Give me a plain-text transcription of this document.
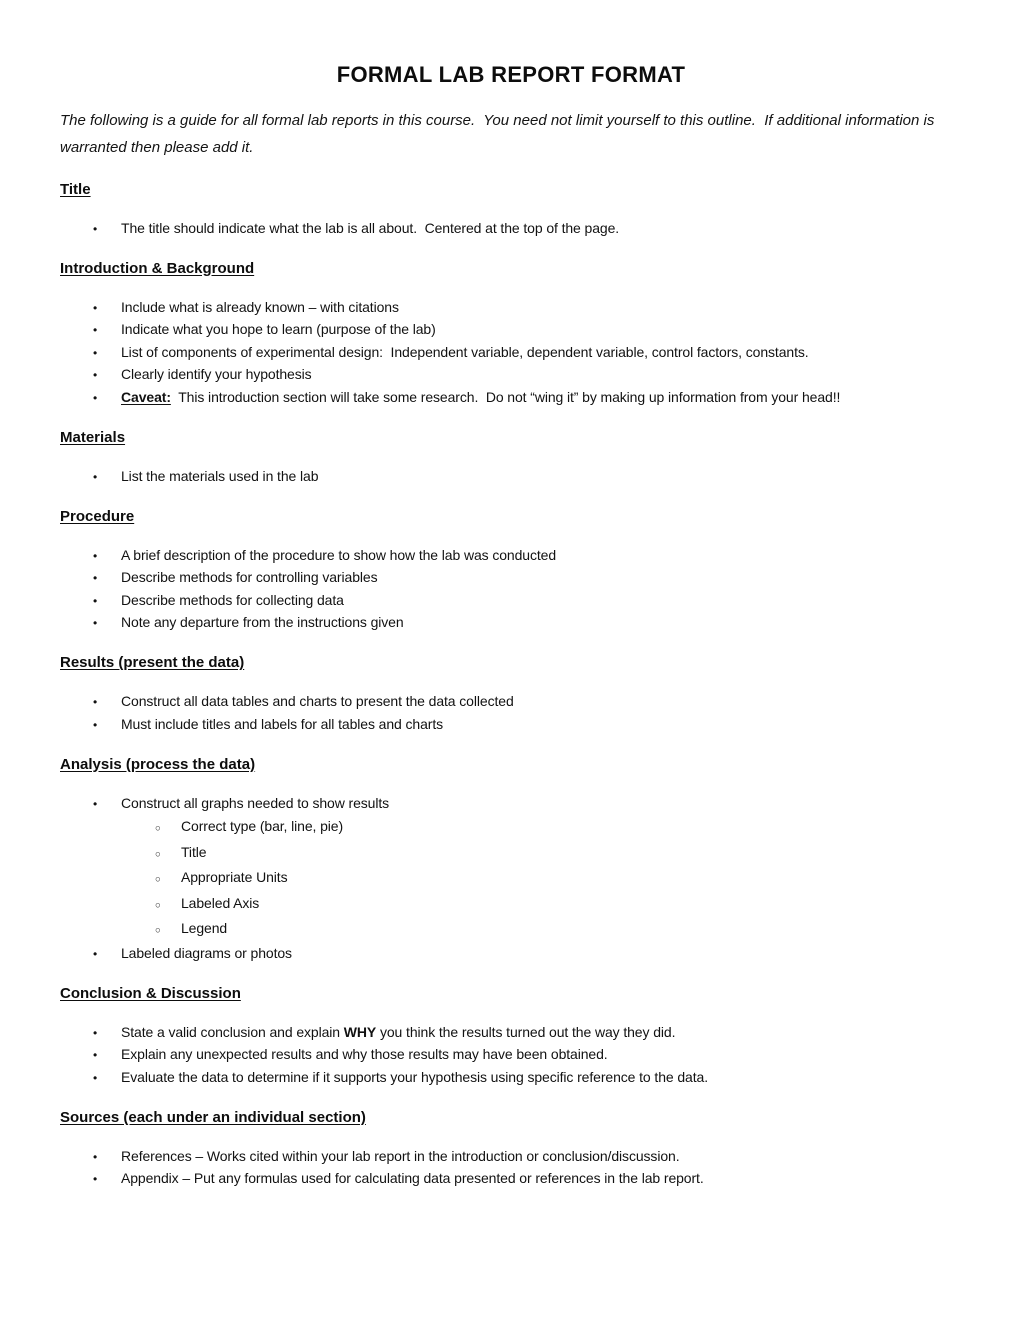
FORMAL LAB REPORT FORMAT

The following is a guide for all formal lab reports in this course.  You need not limit yourself to this outline.  If additional information is warranted then please add it.

Title
•	The title should indicate what the lab is all about.  Centered at the top of the page.
Introduction & Background
•	Include what is already known – with citations
•	Indicate what you hope to learn (purpose of the lab)
•	List of components of experimental design:  Independent variable, dependent variable, control factors, constants.
•	Clearly identify your hypothesis
•	Caveat:  This introduction section will take some research.  Do not “wing it” by making up information from your head!!
Materials
•	List the materials used in the lab
Procedure
•	A brief description of the procedure to show how the lab was conducted
•	Describe methods for controlling variables
•	Describe methods for collecting data
•	Note any departure from the instructions given
Results (present the data)
•	Construct all data tables and charts to present the data collected
•	Must include titles and labels for all tables and charts
Analysis (process the data)
•	Construct all graphs needed to show results
○	Correct type (bar, line, pie)
○	Title
○	Appropriate Units
○	Labeled Axis
○	Legend
•	Labeled diagrams or photos
Conclusion & Discussion
•	State a valid conclusion and explain WHY you think the results turned out the way they did.
•	Explain any unexpected results and why those results may have been obtained.
•	Evaluate the data to determine if it supports your hypothesis using specific reference to the data.
Sources (each under an individual section)
•	References – Works cited within your lab report in the introduction or conclusion/discussion.
•	Appendix – Put any formulas used for calculating data presented or references in the lab report.
